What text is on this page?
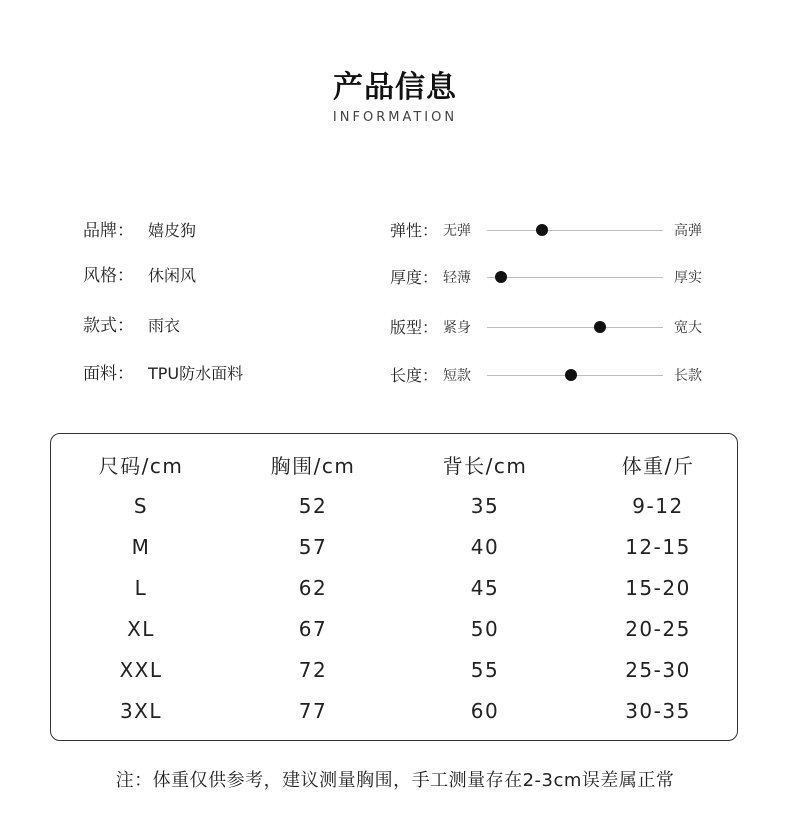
产品信息
INFORMATION
品牌： 嬉皮狗
风格： 休闲风
款式： 雨衣
面料： TPU防水面料
弹性： 无弹	高弹
厚度： 轻薄	厚实
版型： 紧身	宽大
长度： 短款	长款
尺码/cm	胸围/cm	背长/cm	体重/斤
S	52	35	9-12
M	57	40	12-15
L	62	45	15-20
XL	67	50	20-25
XXL	72	55	25-30
3XL	77	60	30-35
注：体重仅供参考，建议测量胸围，手工测量存在2-3cm误差属正常
